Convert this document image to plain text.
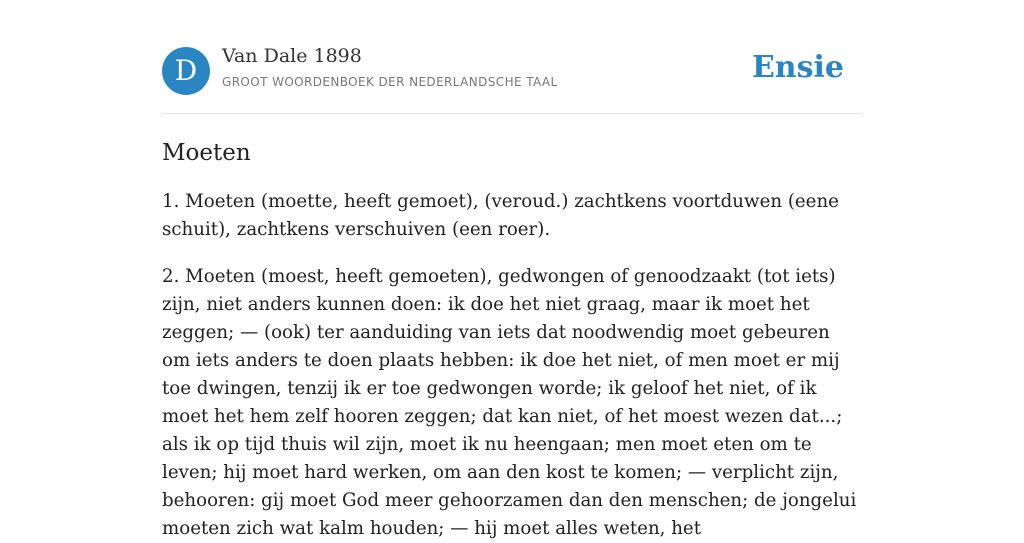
D	Van Dale 1898
GROOT WOORDENBOEK DER NEDERLANDSCHE TAAL	Ensie
Moeten

1. Moeten (moette, heeft gemoet), (veroud.) zachtkens voortduwen (eene schuit), zachtkens verschuiven (een roer).

2. Moeten (moest, heeft gemoeten), gedwongen of genoodzaakt (tot iets) zijn, niet anders kunnen doen: ik doe het niet graag, maar ik moet het zeggen; — (ook) ter aanduiding van iets dat noodwendig moet gebeuren om iets anders te doen plaats hebben: ik doe het niet, of men moet er mij toe dwingen, tenzij ik er toe gedwongen worde; ik geloof het niet, of ik moet het hem zelf hooren zeggen; dat kan niet, of het moest wezen dat...; als ik op tijd thuis wil zijn, moet ik nu heengaan; men moet eten om te leven; hij moet hard werken, om aan den kost te komen; — verplicht zijn, behooren: gij moet God meer gehoorzamen dan den menschen; de jongelui moeten zich wat kalm houden; — hij moet alles weten, het
